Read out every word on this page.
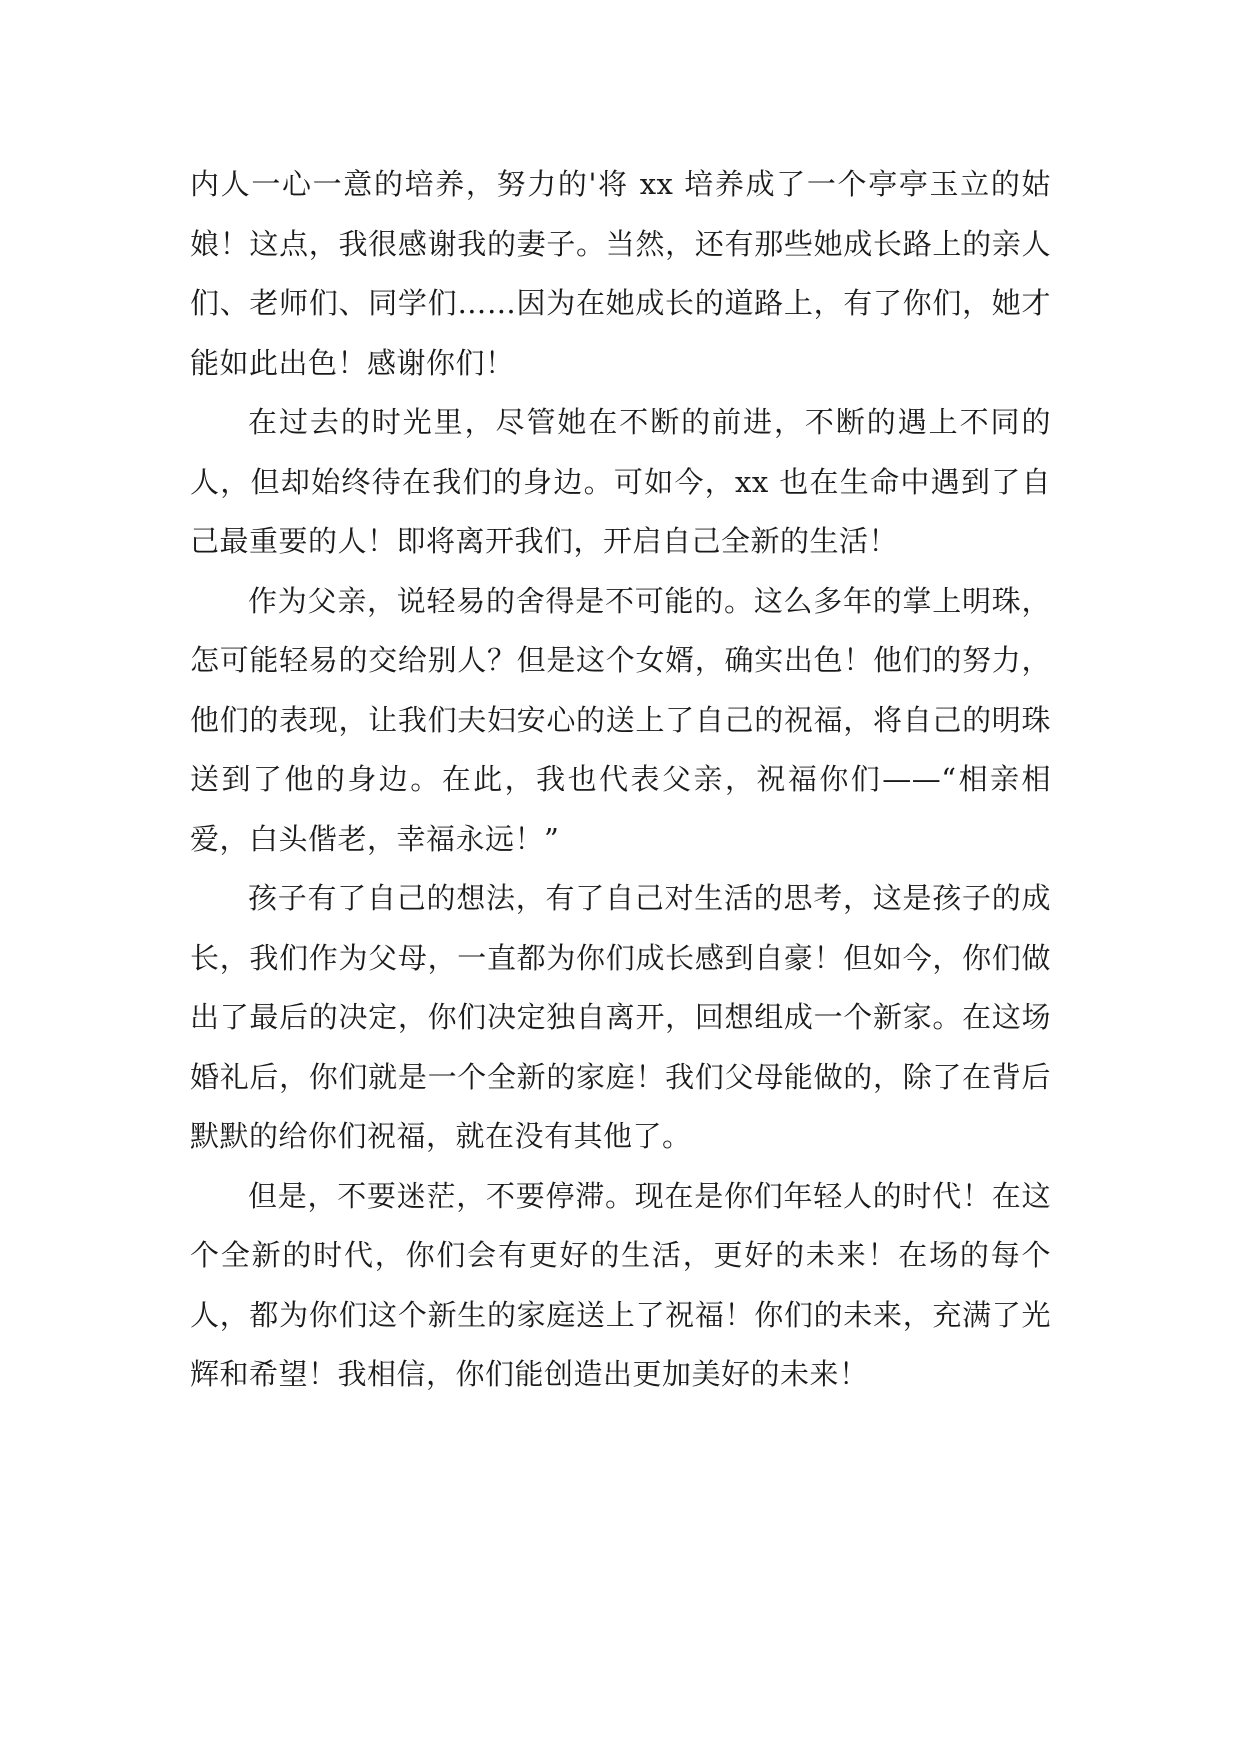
内人一心一意的培养，努力的'将 xx 培养成了一个亭亭玉立的姑娘！这点，我很感谢我的妻子。当然，还有那些她成长路上的亲人们、老师们、同学们……因为在她成长的道路上，有了你们，她才能如此出色！感谢你们！

在过去的时光里，尽管她在不断的前进，不断的遇上不同的人，但却始终待在我们的身边。可如今，xx 也在生命中遇到了自己最重要的人！即将离开我们，开启自己全新的生活！

作为父亲，说轻易的舍得是不可能的。这么多年的掌上明珠，怎可能轻易的交给别人？但是这个女婿，确实出色！他们的努力，他们的表现，让我们夫妇安心的送上了自己的祝福，将自己的明珠送到了他的身边。在此，我也代表父亲，祝福你们——“相亲相爱，白头偕老，幸福永远！”

孩子有了自己的想法，有了自己对生活的思考，这是孩子的成长，我们作为父母，一直都为你们成长感到自豪！但如今，你们做出了最后的决定，你们决定独自离开，回想组成一个新家。在这场婚礼后，你们就是一个全新的家庭！我们父母能做的，除了在背后默默的给你们祝福，就在没有其他了。

但是，不要迷茫，不要停滞。现在是你们年轻人的时代！在这个全新的时代，你们会有更好的生活，更好的未来！在场的每个人，都为你们这个新生的家庭送上了祝福！你们的未来，充满了光辉和希望！我相信，你们能创造出更加美好的未来！
